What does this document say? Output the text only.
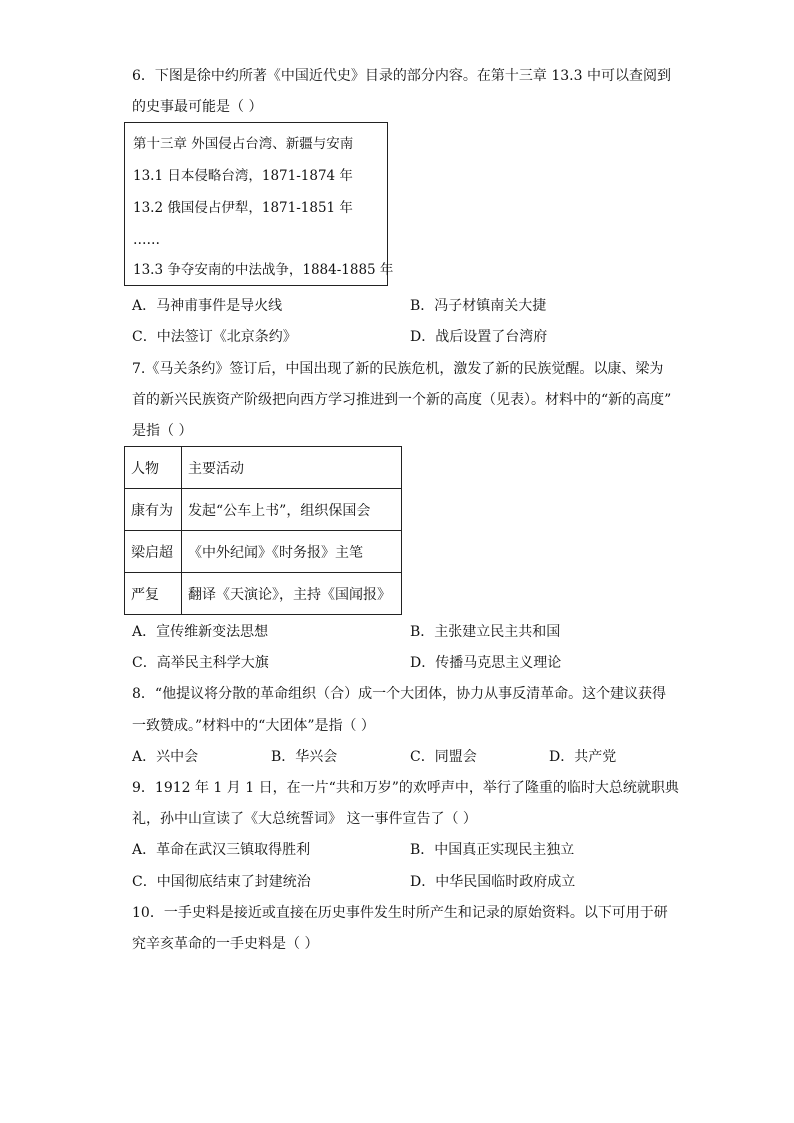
6．下图是徐中约所著《中国近代史》目录的部分内容。在第十三章 13.3 中可以查阅到
的史事最可能是（ ）
第十三章 外国侵占台湾、新疆与安南
13.1 日本侵略台湾，1871-1874 年
13.2 俄国侵占伊犁，1871-1851 年
……
13.3 争夺安南的中法战争，1884-1885 年
A．马神甫事件是导火线	B．冯子材镇南关大捷
C．中法签订《北京条约》	D．战后设置了台湾府
7.《马关条约》签订后，中国出现了新的民族危机，激发了新的民族觉醒。以康、梁为
首的新兴民族资产阶级把向西方学习推进到一个新的高度（见表）。材料中的“新的高度”
是指（ ）
人物	主要活动
康有为	发起“公车上书”，组织保国会
梁启超	《中外纪闻》《时务报》主笔
严复	翻译《天演论》，主持《国闻报》
A．宣传维新变法思想	B．主张建立民主共和国
C．高举民主科学大旗	D．传播马克思主义理论
8．“他提议将分散的革命组织（合）成一个大团体，协力从事反清革命。这个建议获得
一致赞成。”材料中的“大团体”是指（ ）
A．兴中会	B．华兴会	C．同盟会	D．共产党
9．1912 年 1 月 1 日，在一片“共和万岁”的欢呼声中，举行了隆重的临时大总统就职典
礼，孙中山宣读了《大总统誓词》 这一事件宣告了（ ）
A．革命在武汉三镇取得胜利	B．中国真正实现民主独立
C．中国彻底结束了封建统治	D．中华民国临时政府成立
10．一手史料是接近或直接在历史事件发生时所产生和记录的原始资料。以下可用于研
究辛亥革命的一手史料是（ ）
